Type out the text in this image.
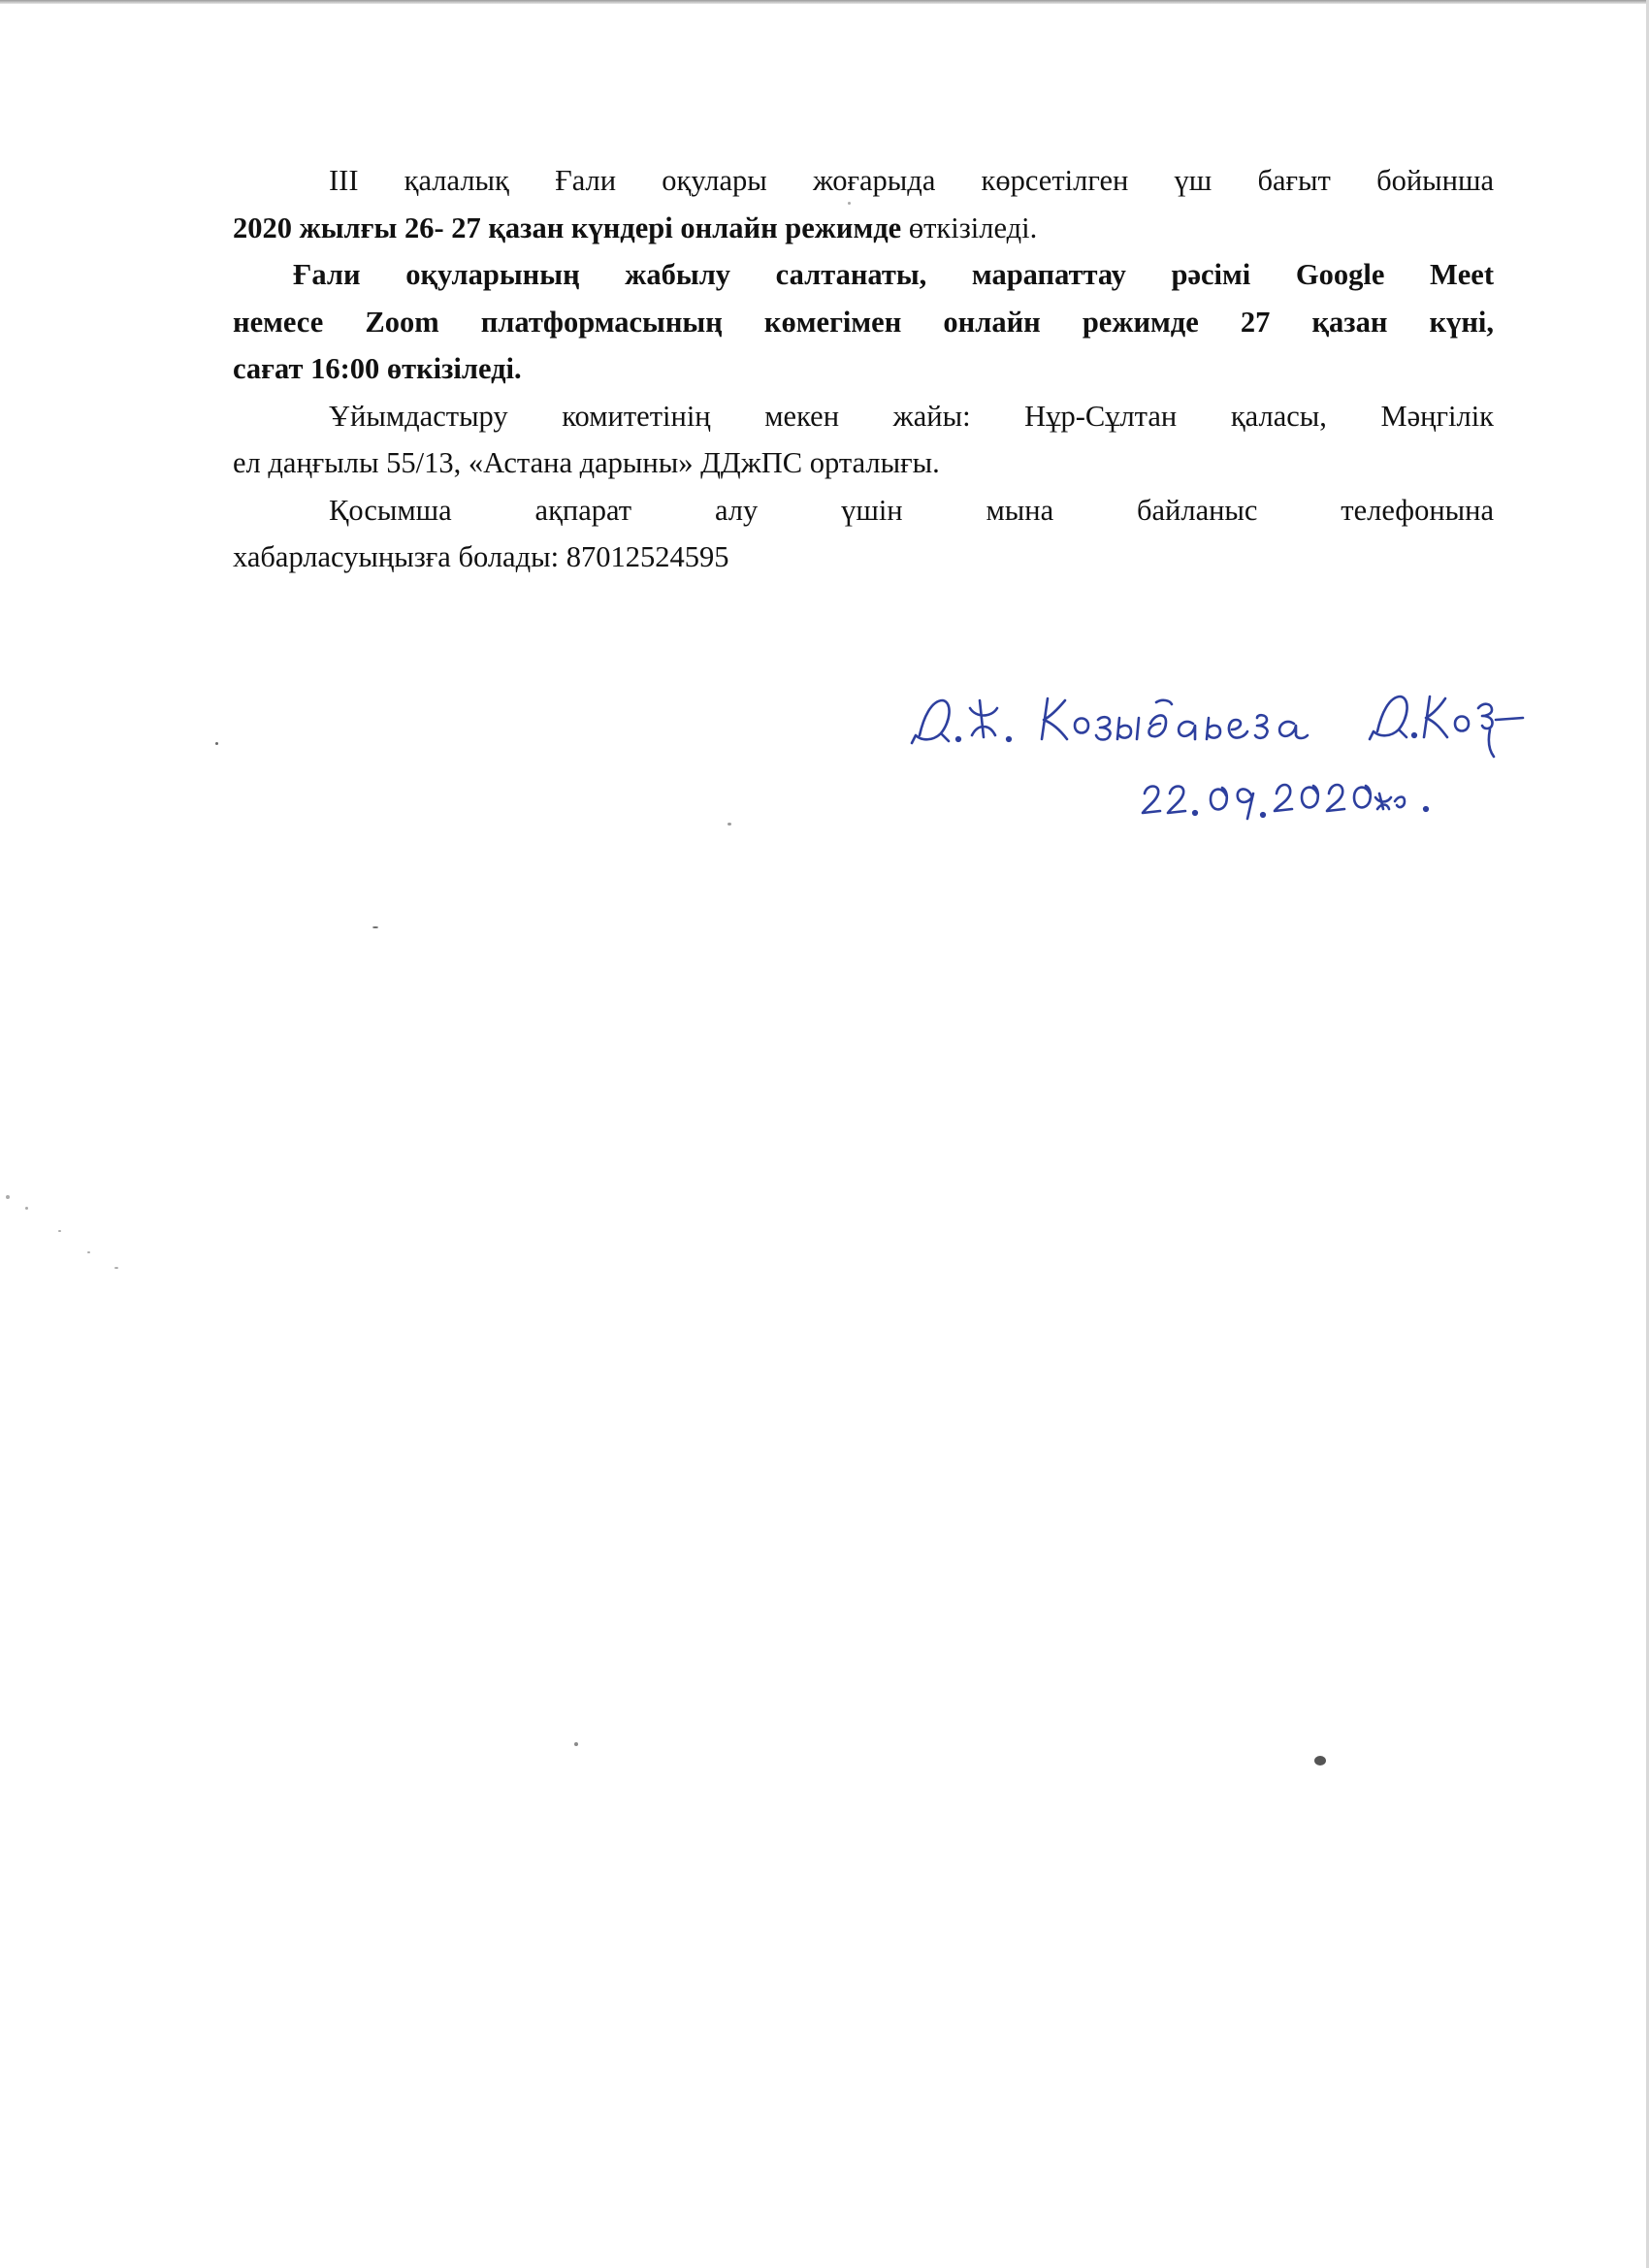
III қалалық Ғали оқулары жоғарыда көрсетілген үш бағыт бойынша
2020 жылғы 26- 27 қазан күндері онлайн режимде өткізіледі.

Ғали оқуларының жабылу салтанаты, марапаттау рәсімі Google Meet
немесе Zoom платформасының көмегімен онлайн режимде 27 қазан күні,
сағат 16:00 өткізіледі.

Ұйымдастыру комитетінің мекен жайы: Нұр-Сұлтан қаласы, Мәңгілік
ел даңғылы 55/13, «Астана дарыны» ДДжПС орталығы.

Қосымша ақпарат алу үшін мына байланыс телефонына
хабарласуыңызға болады: 87012524595
